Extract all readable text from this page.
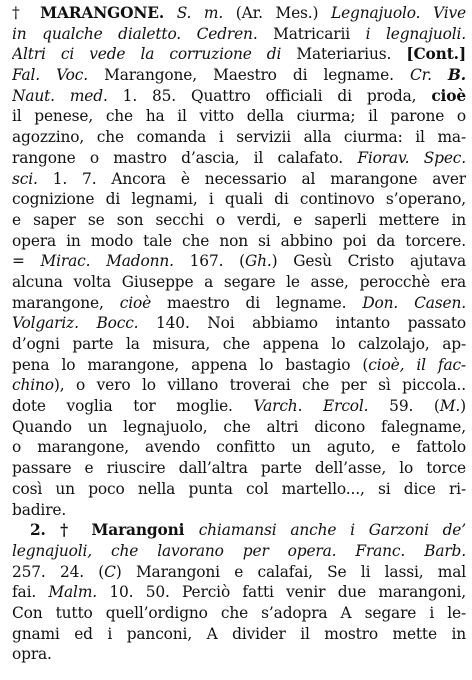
† MARANGONE. S. m. (Ar. Mes.) Legnajuolo. Vive
in qualche dialetto. Cedren. Matricarii i legnajuoli.
Altri ci vede la corruzione di Materiarius. [Cont.]
Fal. Voc. Marangone, Maestro di legname. Cr. B.
Naut. med. 1. 85. Quattro officiali di proda, cioè
il penese, che ha il vitto della ciurma; il parone o
agozzino, che comanda i servizii alla ciurma: il ma-
rangone o mastro d’ascia, il calafato. Fiorav. Spec.
sci. 1. 7. Ancora è necessario al marangone aver
cognizione di legnami, i quali di continovo s’operano,
e saper se son secchi o verdi, e saperli mettere in
opera in modo tale che non si abbino poi da torcere.
= Mirac. Madonn. 167. (Gh.) Gesù Cristo ajutava
alcuna volta Giuseppe a segare le asse, perocchè era
marangone, cioè maestro di legname. Don. Casen.
Volgariz. Bocc. 140. Noi abbiamo intanto passato
d’ogni parte la misura, che appena lo calzolajo, ap-
pena lo marangone, appena lo bastagio (cioè, il fac-
chino), o vero lo villano troverai che per sì piccola..
dote voglia tor moglie. Varch. Ercol. 59. (M.)
Quando un legnajuolo, che altri dicono falegname,
o marangone, avendo confitto un aguto, e fattolo
passare e riuscire dall’altra parte dell’asse, lo torce
così un poco nella punta col martello..., si dice ri-
badire.
2. † Marangoni chiamansi anche i Garzoni de’
legnajuoli, che lavorano per opera. Franc. Barb.
257. 24. (C) Marangoni e calafai, Se li lassi, mal
fai. Malm. 10. 50. Perciò fatti venir due marangoni,
Con tutto quell’ordigno che s’adopra A segare i le-
gnami ed i panconi, A divider il mostro mette in
opra.
